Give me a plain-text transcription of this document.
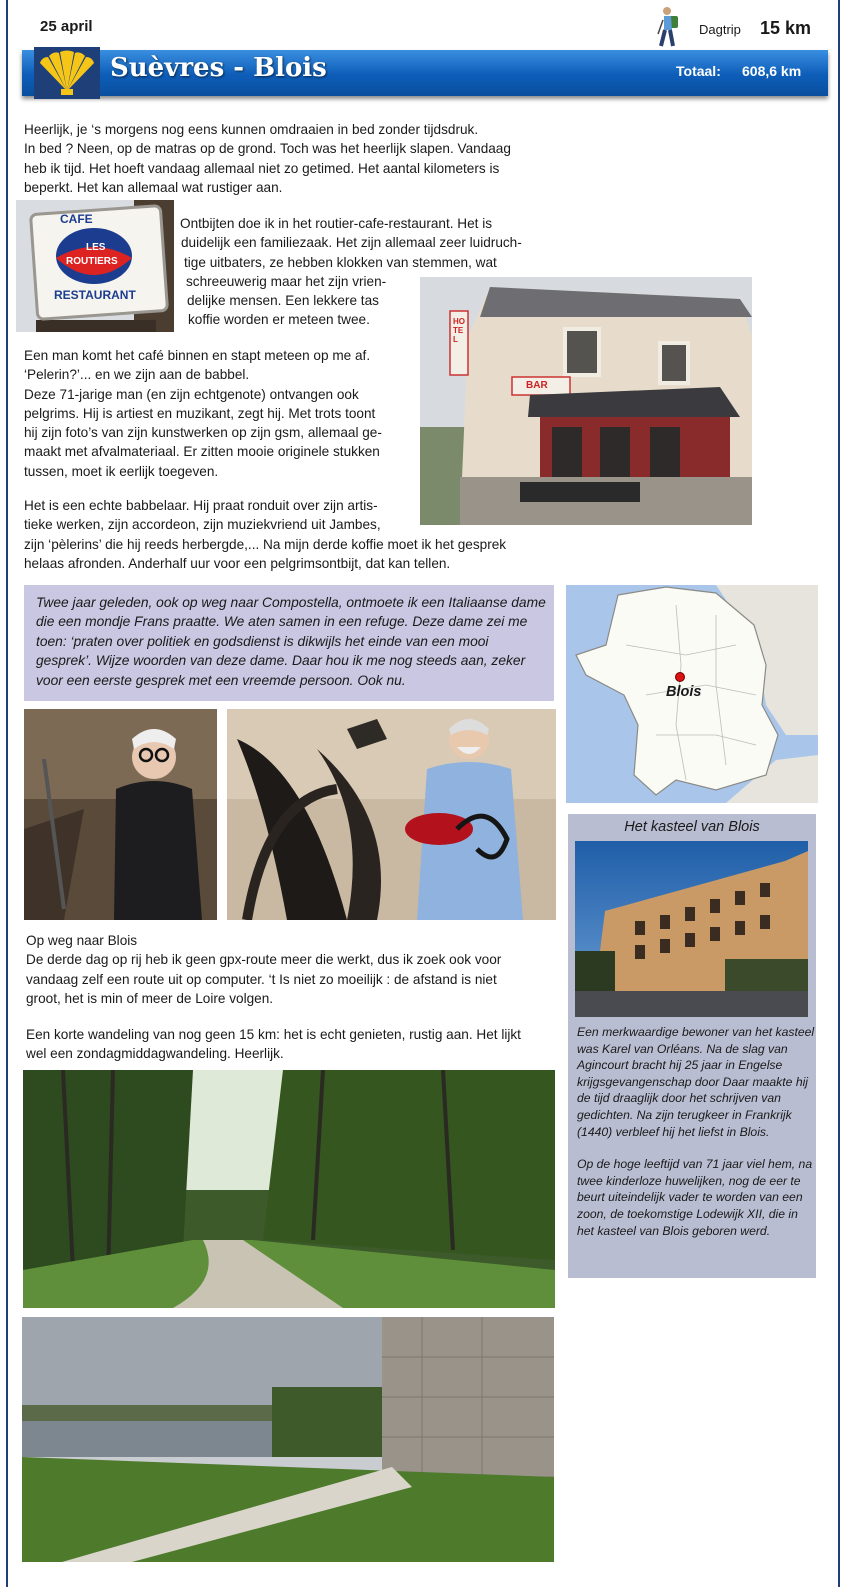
25 april	Dagtrip 15 km
Suèvres - Blois	Totaal: 608,6 km
Heerlijk, je ‘s morgens nog eens kunnen omdraaien in bed zonder tijdsdruk.
In bed ? Neen, op de matras op de grond. Toch was het heerlijk slapen. Vandaag
heb ik tijd. Het hoeft vandaag allemaal niet zo getimed. Het aantal kilometers is
beperkt. Het kan allemaal wat rustiger aan.
CAFE
LES
ROUTIERS
RESTAURANT
Ontbijten doe ik in het routier-cafe-restaurant. Het is
duidelijk een familiezaak. Het zijn allemaal zeer luidruch-
tige uitbaters, ze hebben klokken van stemmen, wat
schreeuwerig maar het zijn vrien-
delijke mensen. Een lekkere tas
koffie worden er meteen twee.	HOTEL
BAR
Een man komt het café binnen en stapt meteen op me af.
‘Pelerin?’... en we zijn aan de babbel.
Deze 71-jarige man (en zijn echtgenote) ontvangen ook
pelgrims. Hij is artiest en muzikant, zegt hij. Met trots toont
hij zijn foto’s van zijn kunstwerken op zijn gsm, allemaal ge-
maakt met afvalmateriaal. Er zitten mooie originele stukken
tussen, moet ik eerlijk toegeven.
Het is een echte babbelaar. Hij praat ronduit over zijn artis-
tieke werken, zijn accordeon, zijn muziekvriend uit Jambes,
zijn ‘pèlerins’ die hij reeds herbergde,... Na mijn derde koffie moet ik het gesprek
helaas afronden. Anderhalf uur voor een pelgrimsontbijt, dat kan tellen.
Twee jaar geleden, ook op weg naar Compostella, ontmoete ik een Italiaanse dame die een mondje Frans praatte. We aten samen in een refuge. Deze dame zei me toen: ‘praten over politiek en godsdienst is dikwijls het einde van een mooi gesprek’. Wijze woorden van deze dame. Daar hou ik me nog steeds aan, zeker voor een eerste gesprek met een vreemde persoon. Ook nu.
Blois
Op weg naar Blois
De derde dag op rij heb ik geen gpx-route meer die werkt, dus ik zoek ook voor
vandaag zelf een route uit op computer. ‘t Is niet zo moeilijk : de afstand is niet
groot, het is min of meer de Loire volgen.
Een korte wandeling van nog geen 15 km: het is echt genieten, rustig aan. Het lijkt
wel een zondagmiddagwandeling. Heerlijk.
Het kasteel van Blois

Een merkwaardige bewoner van het kasteel was Karel van Orléans. Na de slag van Agincourt bracht hij 25 jaar in Engelse krijgsgevangenschap door Daar maakte hij de tijd draaglijk door het schrijven van gedichten. Na zijn terugkeer in Frankrijk (1440) verbleef hij het liefst in Blois.

Op de hoge leeftijd van 71 jaar viel hem, na twee kinderloze huwelijken, nog de eer te beurt uiteindelijk vader te worden van een zoon, de toekomstige Lodewijk XII, die in het kasteel van Blois geboren werd.
